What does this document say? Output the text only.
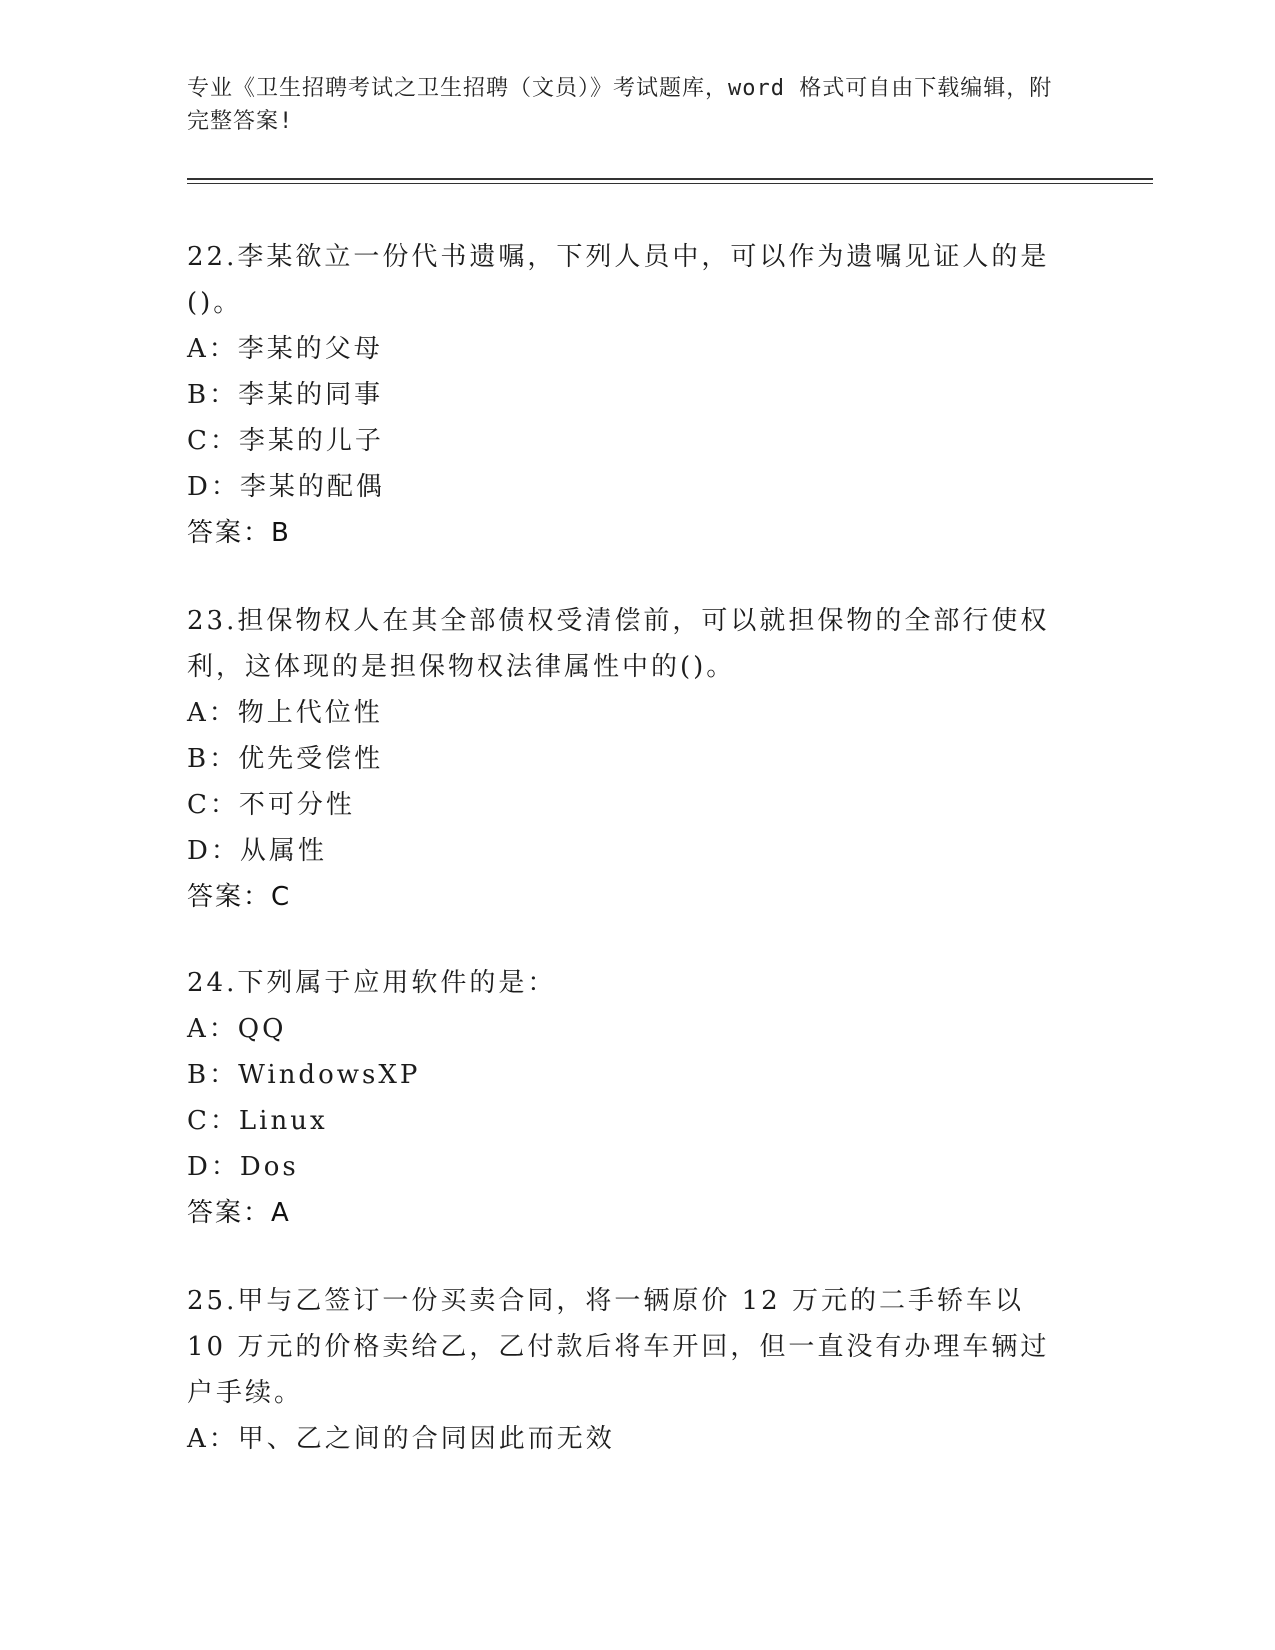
专业《卫生招聘考试之卫生招聘（文员）》考试题库，word 格式可自由下载编辑，附完整答案!

22.李某欲立一份代书遗嘱，下列人员中，可以作为遗嘱见证人的是()。

A：李某的父母

B：李某的同事

C：李某的儿子

D：李某的配偶

答案：B

23.担保物权人在其全部债权受清偿前，可以就担保物的全部行使权利，这体现的是担保物权法律属性中的()。

A：物上代位性

B：优先受偿性

C：不可分性

D：从属性

答案：C

24.下列属于应用软件的是：

A：QQ

B：WindowsXP

C：Linux

D：Dos

答案：A

25.甲与乙签订一份买卖合同，将一辆原价 12 万元的二手轿车以 10 万元的价格卖给乙，乙付款后将车开回，但一直没有办理车辆过户手续。

A：甲、乙之间的合同因此而无效
